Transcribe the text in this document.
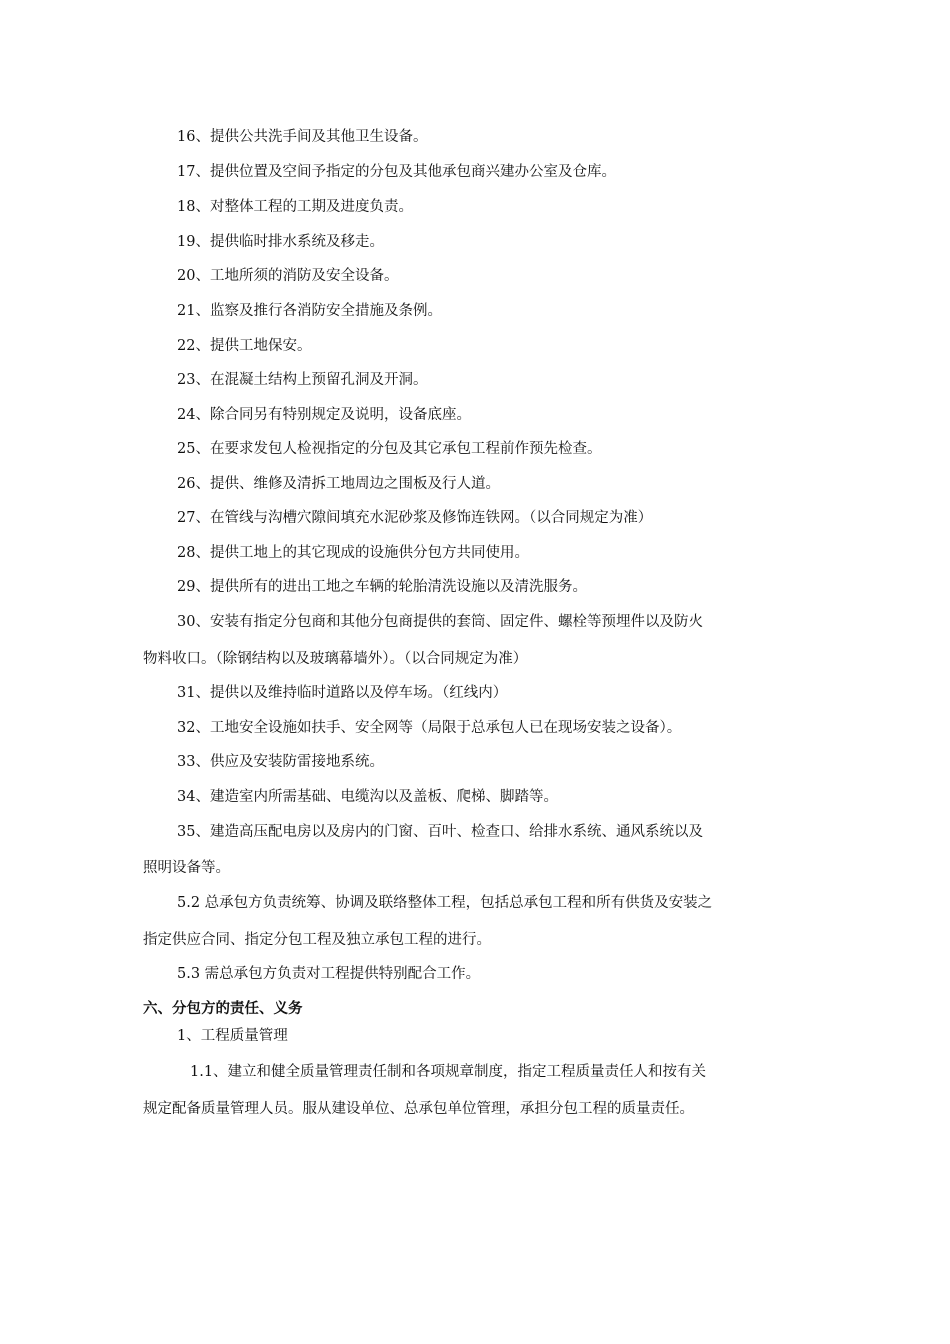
16、提供公共洗手间及其他卫生设备。
17、提供位置及空间予指定的分包及其他承包商兴建办公室及仓库。
18、对整体工程的工期及进度负责。
19、提供临时排水系统及移走。
20、工地所须的消防及安全设备。
21、监察及推行各消防安全措施及条例。
22、提供工地保安。
23、在混凝土结构上预留孔洞及开洞。
24、除合同另有特别规定及说明，设备底座。
25、在要求发包人检视指定的分包及其它承包工程前作预先检查。
26、提供、维修及清拆工地周边之围板及行人道。
27、在管线与沟槽穴隙间填充水泥砂浆及修饰连铁网。（以合同规定为准）
28、提供工地上的其它现成的设施供分包方共同使用。
29、提供所有的进出工地之车辆的轮胎清洗设施以及清洗服务。
30、安装有指定分包商和其他分包商提供的套筒、固定件、螺栓等预埋件以及防火
物料收口。（除钢结构以及玻璃幕墙外）。（以合同规定为准）
31、提供以及维持临时道路以及停车场。（红线内）
32、工地安全设施如扶手、安全网等（局限于总承包人已在现场安装之设备）。
33、供应及安装防雷接地系统。
34、建造室内所需基础、电缆沟以及盖板、爬梯、脚踏等。
35、建造高压配电房以及房内的门窗、百叶、检查口、给排水系统、通风系统以及
照明设备等。
5.2 总承包方负责统筹、协调及联络整体工程，包括总承包工程和所有供货及安装之
指定供应合同、指定分包工程及独立承包工程的进行。
5.3 需总承包方负责对工程提供特别配合工作。
六、分包方的责任、义务
1、工程质量管理
1.1、建立和健全质量管理责任制和各项规章制度，指定工程质量责任人和按有关
规定配备质量管理人员。服从建设单位、总承包单位管理，承担分包工程的质量责任。
